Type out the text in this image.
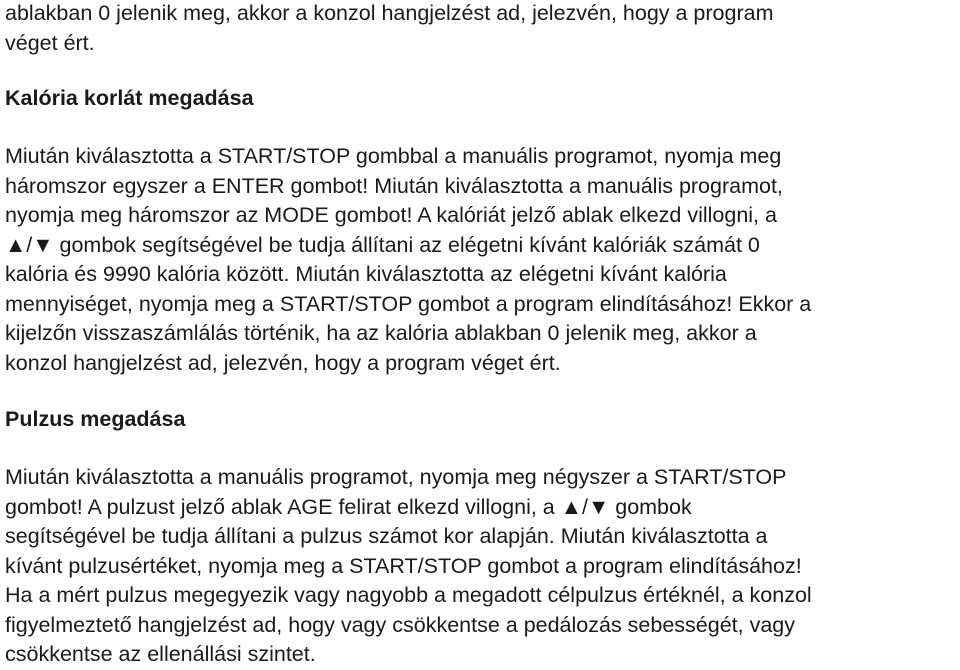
ablakban 0 jelenik meg, akkor a konzol hangjelzést ad, jelezvén, hogy a program
véget ért.

Kalória korlát megadása

Miután kiválasztotta a START/STOP gombbal a manuális programot, nyomja meg
háromszor egyszer a ENTER gombot! Miután kiválasztotta a manuális programot,
nyomja meg háromszor az MODE gombot! A kalóriát jelző ablak elkezd villogni, a
▲/▼ gombok segítségével be tudja állítani az elégetni kívánt kalóriák számát 0
kalória és 9990 kalória között. Miután kiválasztotta az elégetni kívánt kalória
mennyiséget, nyomja meg a START/STOP gombot a program elindításához! Ekkor a
kijelzőn visszaszámlálás történik, ha az kalória ablakban 0 jelenik meg, akkor a
konzol hangjelzést ad, jelezvén, hogy a program véget ért.

Pulzus megadása

Miután kiválasztotta a manuális programot, nyomja meg négyszer a START/STOP
gombot! A pulzust jelző ablak AGE felirat elkezd villogni, a ▲/▼ gombok
segítségével be tudja állítani a pulzus számot kor alapján. Miután kiválasztotta a
kívánt pulzusértéket, nyomja meg a START/STOP gombot a program elindításához!
Ha a mért pulzus megegyezik vagy nagyobb a megadott célpulzus értéknél, a konzol
figyelmeztető hangjelzést ad, hogy vagy csökkentse a pedálozás sebességét, vagy
csökkentse az ellenállási szintet.
